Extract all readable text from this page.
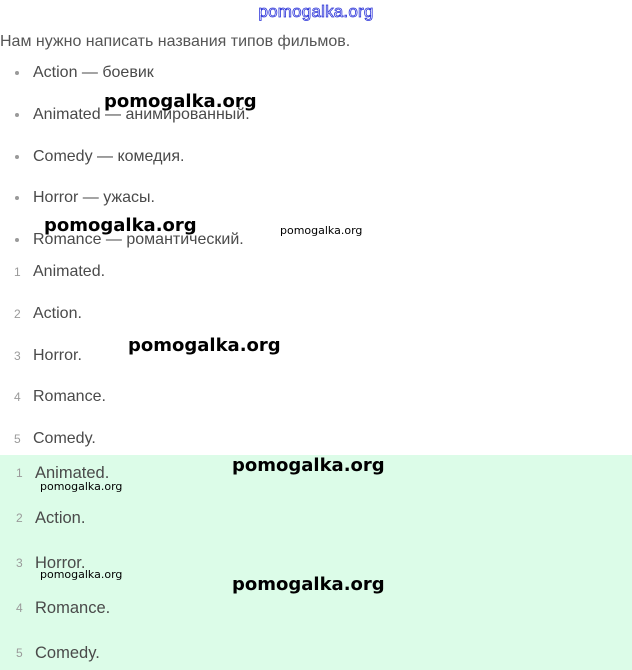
pomogalka.org
Нам нужно написать названия типов фильмов.
Action — боевик
Animated — анимированный.
Comedy — комедия.
Horror — ужасы.
Romance — романтический.
1 Animated.
2 Action.
3 Horror.
4 Romance.
5 Comedy.
1 Animated.
2 Action.
3 Horror.
4 Romance.
5 Comedy.
pomogalka.org
pomogalka.org	pomogalka.org
pomogalka.org
pomogalka.org
pomogalka.org
pomogalka.org	pomogalka.org
